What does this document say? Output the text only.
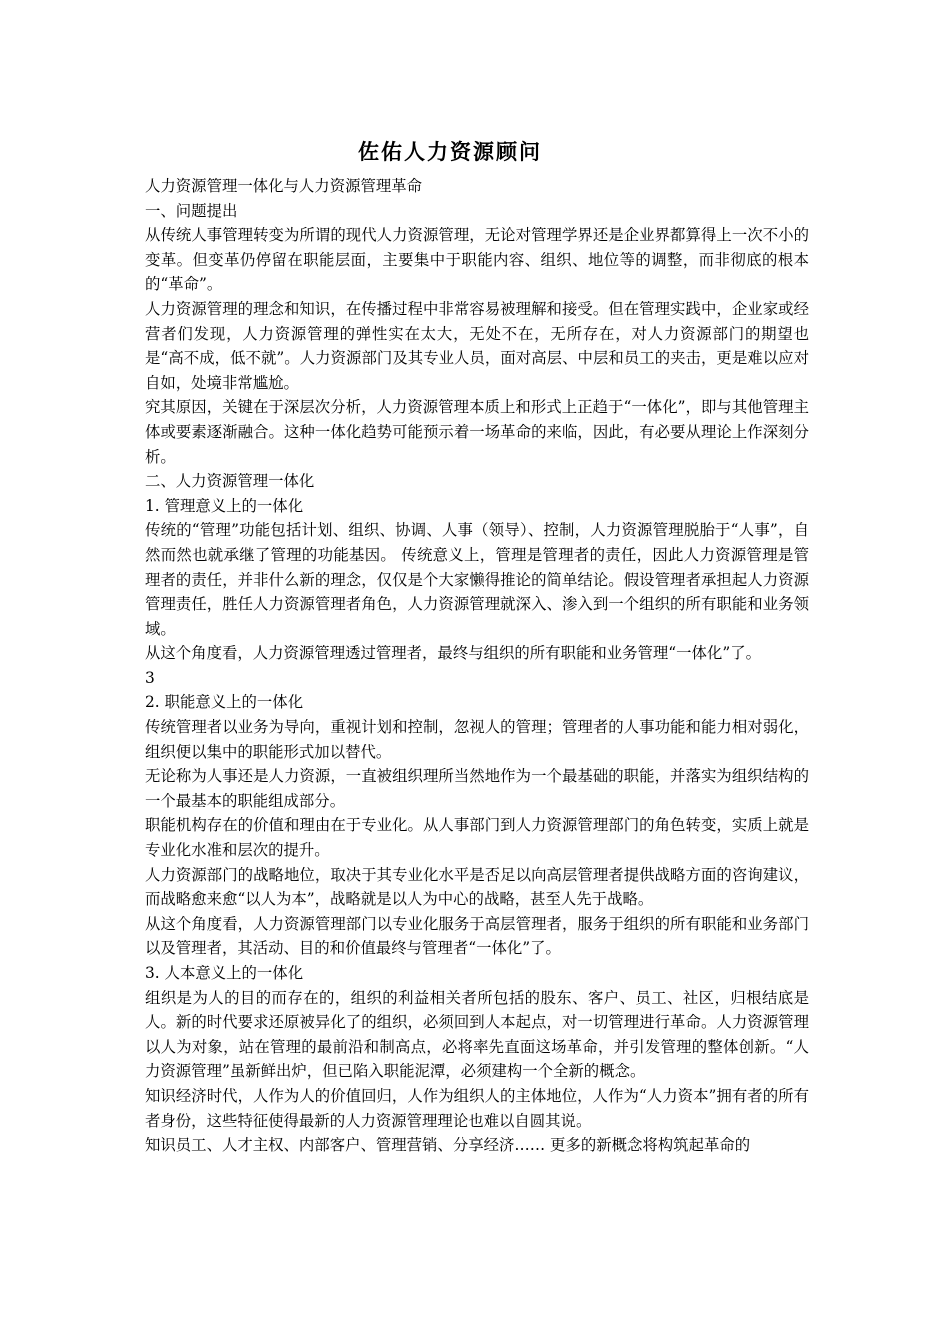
佐佑人力资源顾问

人力资源管理一体化与人力资源管理革命

一、问题提出

从传统人事管理转变为所谓的现代人力资源管理，无论对管理学界还是企业界都算得上一次不小的变革。但变革仍停留在职能层面，主要集中于职能内容、组织、地位等的调整，而非彻底的根本的“革命”。

人力资源管理的理念和知识，在传播过程中非常容易被理解和接受。但在管理实践中，企业家或经营者们发现，人力资源管理的弹性实在太大，无处不在，无所存在，对人力资源部门的期望也是“高不成，低不就”。人力资源部门及其专业人员，面对高层、中层和员工的夹击，更是难以应对自如，处境非常尴尬。

究其原因，关键在于深层次分析，人力资源管理本质上和形式上正趋于“一体化”，即与其他管理主体或要素逐渐融合。这种一体化趋势可能预示着一场革命的来临，因此，有必要从理论上作深刻分析。

二、人力资源管理一体化

1. 管理意义上的一体化

传统的“管理”功能包括计划、组织、协调、人事（领导）、控制，人力资源管理脱胎于“人事”，自然而然也就承继了管理的功能基因。 传统意义上，管理是管理者的责任，因此人力资源管理是管理者的责任，并非什么新的理念，仅仅是个大家懒得推论的简单结论。假设管理者承担起人力资源管理责任，胜任人力资源管理者角色，人力资源管理就深入、渗入到一个组织的所有职能和业务领域。

从这个角度看，人力资源管理透过管理者，最终与组织的所有职能和业务管理“一体化”了。

3

2. 职能意义上的一体化

传统管理者以业务为导向，重视计划和控制，忽视人的管理；管理者的人事功能和能力相对弱化，组织便以集中的职能形式加以替代。

无论称为人事还是人力资源，一直被组织理所当然地作为一个最基础的职能，并落实为组织结构的一个最基本的职能组成部分。

职能机构存在的价值和理由在于专业化。从人事部门到人力资源管理部门的角色转变，实质上就是专业化水准和层次的提升。

人力资源部门的战略地位，取决于其专业化水平是否足以向高层管理者提供战略方面的咨询建议，而战略愈来愈“以人为本”，战略就是以人为中心的战略，甚至人先于战略。

从这个角度看，人力资源管理部门以专业化服务于高层管理者，服务于组织的所有职能和业务部门以及管理者，其活动、目的和价值最终与管理者“一体化”了。

3. 人本意义上的一体化

组织是为人的目的而存在的，组织的利益相关者所包括的股东、客户、员工、社区，归根结底是人。新的时代要求还原被异化了的组织，必须回到人本起点，对一切管理进行革命。人力资源管理以人为对象，站在管理的最前沿和制高点，必将率先直面这场革命，并引发管理的整体创新。“人力资源管理”虽新鲜出炉，但已陷入职能泥潭，必须建构一个全新的概念。

知识经济时代，人作为人的价值回归，人作为组织人的主体地位，人作为“人力资本”拥有者的所有者身份，这些特征使得最新的人力资源管理理论也难以自圆其说。

知识员工、人才主权、内部客户、管理营销、分享经济…… 更多的新概念将构筑起革命的
